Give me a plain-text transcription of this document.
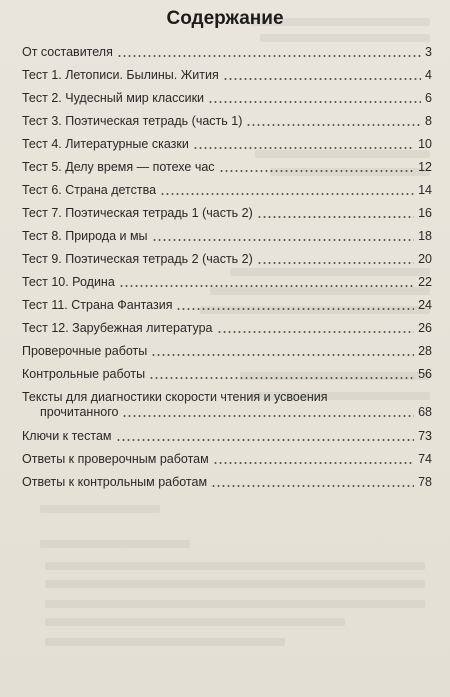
Содержание
От составителя	3
Тест 1. Летописи. Былины. Жития	4
Тест 2. Чудесный мир классики	6
Тест 3. Поэтическая тетрадь (часть 1)	8
Тест 4. Литературные сказки	10
Тест 5. Делу время — потехе час	12
Тест 6. Страна детства	14
Тест 7. Поэтическая тетрадь 1 (часть 2)	16
Тест 8. Природа и мы	18
Тест 9. Поэтическая тетрадь 2 (часть 2)	20
Тест 10. Родина	22
Тест 11. Страна Фантазия	24
Тест 12. Зарубежная литература	26
Проверочные работы	28
Контрольные работы	56
Тексты для диагностики скорости чтения и усвоения
прочитанного	68
Ключи к тестам	73
Ответы к проверочным работам	74
Ответы к контрольным работам	78
